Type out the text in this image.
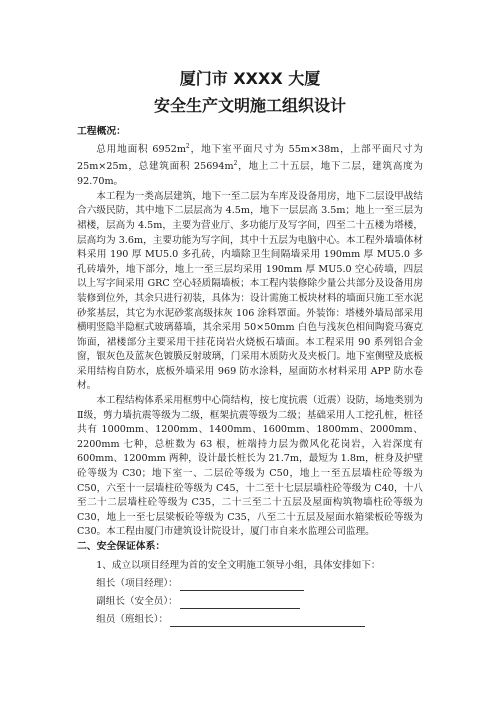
厦门市 XXXX 大厦
安全生产文明施工组织设计
工程概况：

总用地面积 $6952m^2$，地下室平面尺寸为 55m×38m，上部平面尺寸为 25m×25m，总建筑面积 $25694m^2$，地上二十五层，地下二层，建筑高度为 92.70m。

本工程为一类高层建筑，地下一至二层为车库及设备用房，地下二层设甲战结合六级民防，其中地下二层层高为 4.5m，地下一层层高 3.5m；地上一至三层为裙楼，层高为 4.5m，主要为营业厅、多功能厅及写字间，四至二十五楼为塔楼，层高均为 3.6m，主要功能为写字间，其中十五层为电脑中心。本工程外墙墙体材料采用 190 厚 MU5.0 多孔砖，内墙除卫生间隔墙采用 190mm 厚 MU5.0 多孔砖墙外，地下部分，地上一至三层均采用 190mm 厚 MU5.0 空心砖墙，四层以上写字间采用 GRC 空心轻质隔墙板；本工程内装修除少量公共部分及设备用房装修到位外，其余只进行初装，具体为：设计需施工板块材料的墙面只施工至水泥砂浆基层，其它为水泥砂浆高级抹灰 106 涂料罩面。外装饰：塔楼外墙局部采用横明竖隐半隐框式玻璃幕墙，其余采用 50×50mm 白色与浅灰色相间陶瓷马赛克饰面，裙楼部分主要采用干挂花岗岩火烧板石墙面。本工程采用 90 系列铝合金窗，银灰色及蓝灰色镀膜反射玻璃，门采用木质防火及夹板门。地下室侧壁及底板采用结构自防水，底板外墙采用 969 防水涂料，屋面防水材料采用 APP 防水卷材。

本工程结构体系采用框剪中心筒结构，按七度抗震（近震）设防，场地类别为Ⅱ级，剪力墙抗震等级为二级，框架抗震等级为二级；基础采用人工挖孔桩，桩径共有 1000mm、1200mm、1400mm、1600mm、1800mm、2000mm、2200mm 七种，总桩数为 63 根，桩端持力层为微风化花岗岩，入岩深度有 600mm、1200mm 两种，设计最长桩长为 21.7m，最短为 1.8m，桩身及护壁砼等级为 C30；地下室一、二层砼等级为 C50，地上一至五层墙柱砼等级为 C50，六至十一层墙柱砼等级为 C45，十二至十七层层墙柱砼等级为 C40，十八至二十二层墙柱砼等级为 C35，二十三至二十五层及屋面构筑物墙柱砼等级为 C30，地上一至七层梁板砼等级为 C35，八至二十五层及屋面水箱梁板砼等级为 C30。本工程由厦门市建筑设计院设计，厦门市自来水监理公司监理。

二、安全保证体系：

1、成立以项目经理为首的安全文明施工领导小组，具体安排如下：

组长（项目经理）：
副组长（安全员）：
组员（班组长）：
